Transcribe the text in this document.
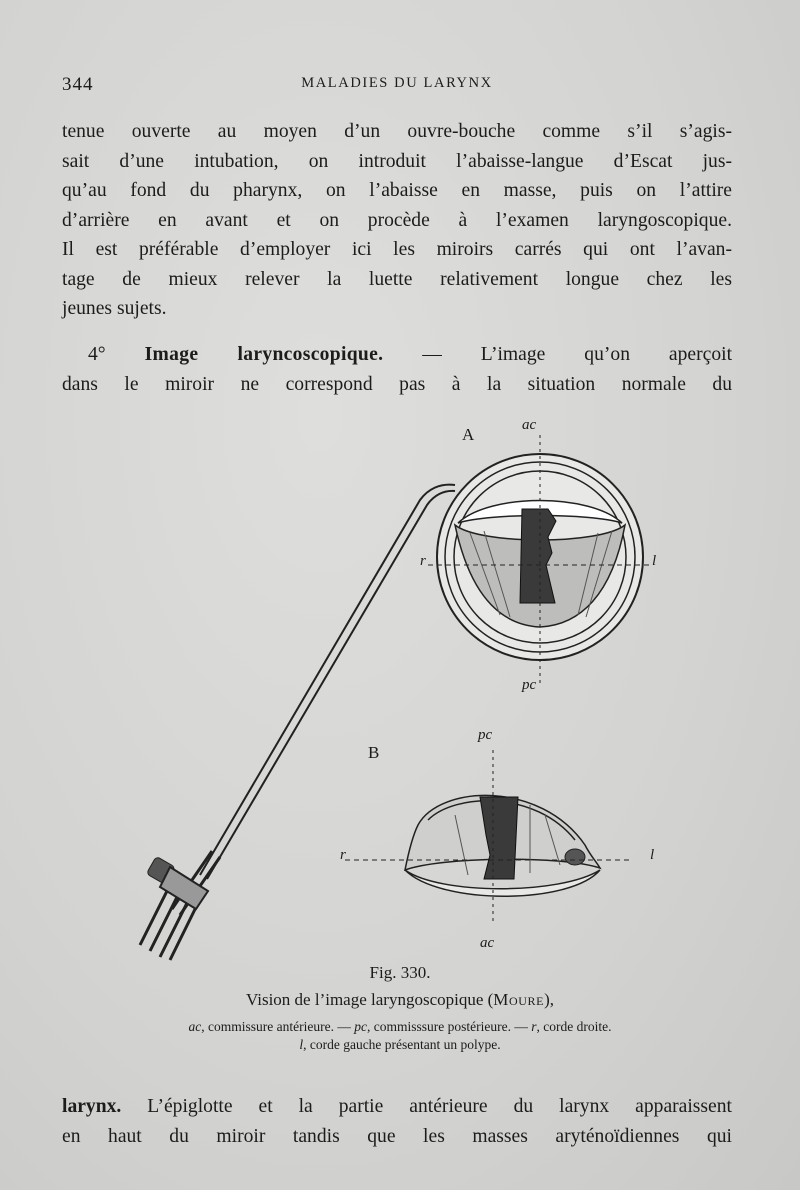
344	MALADIES DU LARYNX
tenue ouverte au moyen d’un ouvre-bouche comme s’il s’agis-
sait d’une intubation, on introduit l’abaisse-langue d’Escat jus-
qu’au fond du pharynx, on l’abaisse en masse, puis on l’attire
d’arrière en avant et on procède à l’examen laryngoscopique.
Il est préférable d’employer ici les miroirs carrés qui ont l’avan-
tage de mieux relever la luette relativement longue chez les
jeunes sujets.
4° Image laryncoscopique. — L’image qu’on aperçoit
dans le miroir ne correspond pas à la situation normale du
A	ac
r	l
pc
B
pc
r	l
ac
Fig. 330.
Vision de l’image laryngoscopique (Moure),
ac, commissure antérieure. — pc, commisssure postérieure. — r, corde droite.
l, corde gauche présentant un polype.
larynx. L’épiglotte et la partie antérieure du larynx apparaissent
en haut du miroir tandis que les masses aryténoïdiennes qui
